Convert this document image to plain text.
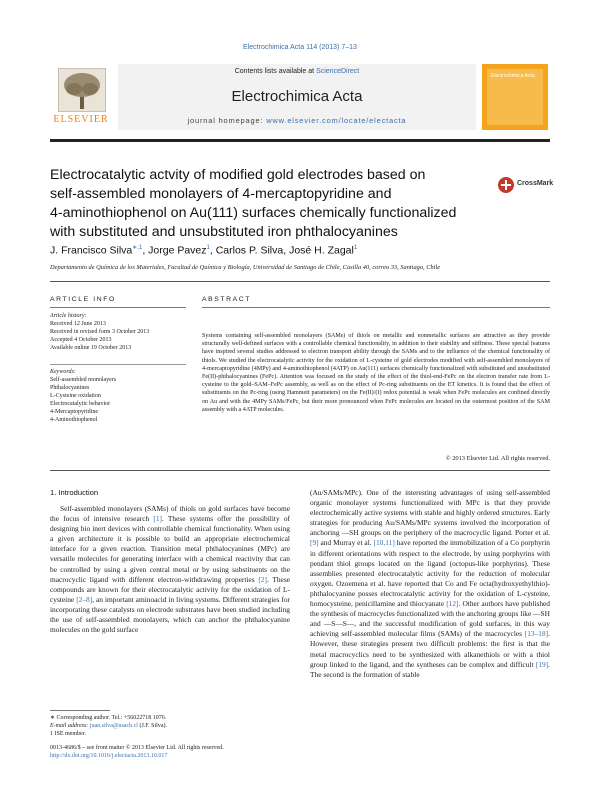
Electrochimica Acta 114 (2013) 7–13
ELSEVIER
Contents lists available at ScienceDirect
Electrochimica Acta
journal homepage: www.elsevier.com/locate/electacta
Electrochimica Acta
Electrocatalytic actvity of modified gold electrodes based on
self-assembled monolayers of 4-mercaptopyridine and
4-aminothiophenol on Au(111) surfaces chemically functionalized
with substituted and unsubstituted iron phthalocyanines
CrossMark
J. Francisco Silva$^{∗,1}$, Jorge Pavez$^1$, Carlos P. Silva, José H. Zagal$^1$
Departamento de Química de los Materiales, Facultad de Química y Biología, Universidad de Santiago de Chile, Casilla 40, correo 33, Santiago, Chile
ARTICLE INFO	ABSTRACT
Article history:
Received 12 June 2013
Received in revised form 3 October 2013
Accepted 4 October 2013
Available online 19 October 2013
Keywords:
Self-assembled monolayers
Phthalocyanines
L-Cysteine oxidation
Electrocatalytic behavior
4-Mercaptopyridine
4-Aminothiophenol
Systems containing self-assembled monolayers (SAMs) of thiols on metallic and nonmetallic surfaces are attractive as they provide structurally well-defined surfaces with a controllable chemical functionality, in addition to their stability and stiffness. These special features have inspired several studies addressed to electron transport ability through the SAMs and to the influence of the chemical functionality of thiols. We studied the electrocatalytic activity for the oxidation of L-cysteine of gold electrodes modified with self-assembled monolayers of 4-mercaptopyridine (4MPy) and 4-aminothiophenol (4ATP) on Au(111) surfaces chemically functionalized with substituted and unsubstituted Fe(II)-phthalocyanines (FePc). Attention was focused on the study of the effect of the thiol-end-FePc on the electron transfer rate from L-cysteine to the gold–SAM–FePc assembly, as well as on the effect of Pc-ring substituents on the ET kinetics. It is found that the effect of substituents on the Pc-ring (using Hammett parameters) on the Fe(II)/(I) redox potential is weak when FePc molecules are confined directly on Au and with the 4MPy SAMs/FePc, but their more pronounced when FePc molecules are located on the outermost position of the SAM assembly with a 4ATP molecules.
© 2013 Elsevier Ltd. All rights reserved.
1. Introduction
Self-assembled monolayers (SAMs) of thiols on gold surfaces have become the focus of intensive research [1]. These systems offer the possibility of designing bio inert devices with controllable chemical functionality. When using a given architecture it is possible to build an appropriate electrochemical interface for a given reaction. Transition metal phthalocyanines (MPc) are versatile molecules for generating interface with a chemical reactivity that can be controlled by using a given central metal or by using substituents on the macrocyclic ligand with different electron-withdrawing properties [2]. These compounds are known for their electrocatalytic activity for the oxidation of L-cysteine [2–8], an important aminoacid in living systems. Different strategies for incorporating these catalysts on electrode substrates have been studied including the use of self-assembled monolayers, which can anchor the phthalocyanine molecules on the gold surface
(Au/SAMs/MPc). One of the interesting advantages of using self-assembled organic monolayer systems functionalized with MPc is that they provide electrochemically active systems with stable and highly ordered structures. Early strategies for producing Au/SAMs/MPc systems involved the incorporation of anchoring —SH groups on the periphery of the macrocyclic ligand. Porter et al. [9] and Murray et al. [10,11] have reported the immobilization of a Co porphyrin in different orientations with respect to the electrode, by using porphyrins with pendant thiol groups located on the ligand (octopus-like porphyrins). These assemblies presented electrocatalytic activity for the reduction of molecular oxygen. Ozoemena et al. have reported that Co and Fe octa(hydroxyethylthio)-phthalocyanine posses electrocatalytic activity for the oxidation of L-cysteine, homocysteine, penicillamine and thiocyanate [12]. Other authors have published the synthesis of macrocycles functionalized with the anchoring groups like —SH and —S—S—, and the successful modification of gold surfaces, in this way achieving self-assembled molecular films (SAMs) of the macrocycles [13–18]. However, these strategies present two difficult problems: the first is that the metal macrocyclics need to be synthesized with alkanethiols or with a thiol group linked to the ligand, and the syntheses can be complex and difficult [19]. The second is the formation of stable
∗ Corresponding author. Tel.: +56022718 1076.
E-mail address: juan.silva@usach.cl (J.F. Silva).
1 ISE member.
0013-4686/$ – see front matter © 2013 Elsevier Ltd. All rights reserved.
http://dx.doi.org/10.1016/j.electacta.2013.10.017
